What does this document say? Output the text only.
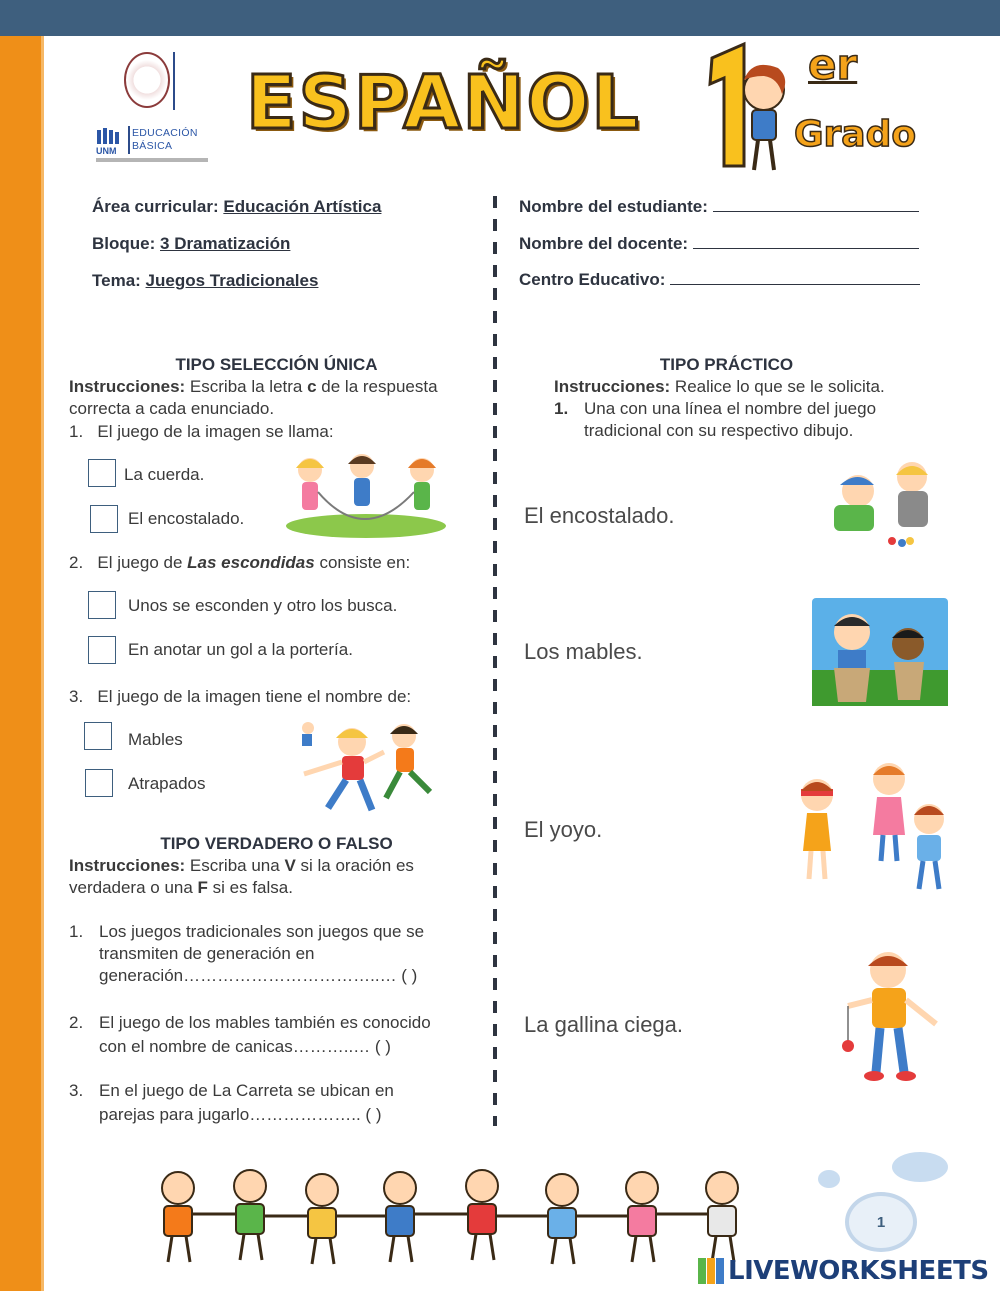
UNM
EDUCACIÓN
BÁSICA ESPAÑOL	er
Grado
Área curricular: Educación Artística
Bloque: 3 Dramatización
Tema: Juegos Tradicionales
Nombre del estudiante:
Nombre del docente:
Centro Educativo:
TIPO SELECCIÓN ÚNICA
Instrucciones: Escriba la letra c de la respuesta
correcta a cada enunciado.
1. El juego de la imagen se llama:
La cuerda.
El encostalado.
2. El juego de Las escondidas consiste en:
Unos se esconden y otro los busca.
En anotar un gol a la portería.
3. El juego de la imagen tiene el nombre de:
Mables
Atrapados
TIPO VERDADERO O FALSO
Instrucciones: Escriba una V si la oración es
verdadera o una F si es falsa.
1. Los juegos tradicionales son juegos que se
transmiten de generación en
generación……………………………..… ( )
2. El juego de los mables también es conocido
con el nombre de canicas………..… ( )
3. En el juego de La Carreta se ubican en
parejas para jugarlo……………….. ( )
TIPO PRÁCTICO
Instrucciones: Realice lo que se le solicita.
1. Una con una línea el nombre del juego
tradicional con su respectivo dibujo.
El encostalado.
Los mables.
El yoyo.
La gallina ciega.
1
LIVEWORKSHEETS
